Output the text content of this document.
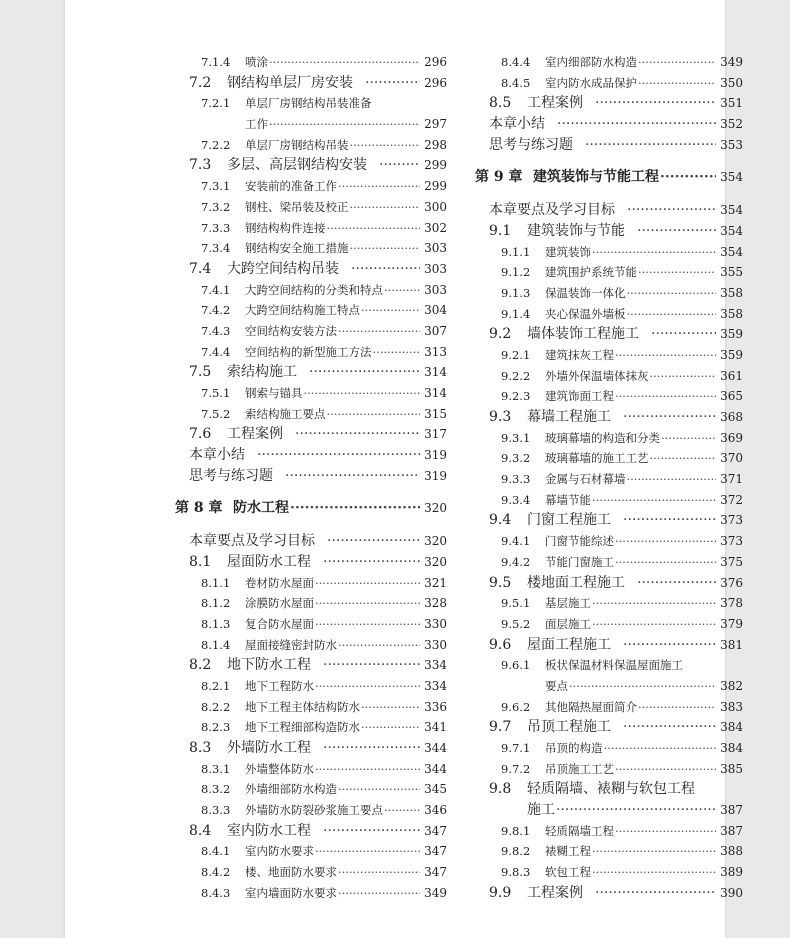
7.1.4	喷涂 ·····	296
7.2	钢结构单层厂房安装 ·····	296
7.2.1	单层厂房钢结构吊装准备
工作 ·····	297
7.2.2	单层厂房钢结构吊装 ·····	298
7.3	多层、高层钢结构安装 ·····	299
7.3.1	安装前的准备工作 ·····	299
7.3.2	钢柱、梁吊装及校正 ·····	300
7.3.3	钢结构构件连接 ·····	302
7.3.4	钢结构安全施工措施 ·····	303
7.4	大跨空间结构吊装 ·····	303
7.4.1	大跨空间结构的分类和特点 ·····	303
7.4.2	大跨空间结构施工特点 ·····	304
7.4.3	空间结构安装方法 ·····	307
7.4.4	空间结构的新型施工方法 ·····	313
7.5	索结构施工 ·····	314
7.5.1	钢索与锚具 ·····	314
7.5.2	索结构施工要点 ·····	315
7.6	工程案例 ·····	317
本章小结 ·····	319
思考与练习题 ·····	319
第 8 章 防水工程 ·····	320
本章要点及学习目标 ·····	320
8.1	屋面防水工程 ·····	320
8.1.1	卷材防水屋面 ·····	321
8.1.2	涂膜防水屋面 ·····	328
8.1.3	复合防水屋面 ·····	330
8.1.4	屋面接缝密封防水 ·····	330
8.2	地下防水工程 ·····	334
8.2.1	地下工程防水 ·····	334
8.2.2	地下工程主体结构防水 ·····	336
8.2.3	地下工程细部构造防水 ·····	341
8.3	外墙防水工程 ·····	344
8.3.1	外墙整体防水 ·····	344
8.3.2	外墙细部防水构造 ·····	345
8.3.3	外墙防水防裂砂浆施工要点 ·····	346
8.4	室内防水工程 ·····	347
8.4.1	室内防水要求 ·····	347
8.4.2	楼、地面防水要求 ·····	347
8.4.3	室内墙面防水要求 ·····	349
8.4.4	室内细部防水构造 ·····	349
8.4.5	室内防水成品保护 ·····	350
8.5	工程案例 ·····	351
本章小结 ·····	352
思考与练习题 ·····	353
第 9 章 建筑装饰与节能工程 ·····	354
本章要点及学习目标 ·····	354
9.1	建筑装饰与节能 ·····	354
9.1.1	建筑装饰 ·····	354
9.1.2	建筑围护系统节能 ·····	355
9.1.3	保温装饰一体化 ·····	358
9.1.4	夹心保温外墙板 ·····	358
9.2	墙体装饰工程施工 ·····	359
9.2.1	建筑抹灰工程 ·····	359
9.2.2	外墙外保温墙体抹灰 ·····	361
9.2.3	建筑饰面工程 ·····	365
9.3	幕墙工程施工 ·····	368
9.3.1	玻璃幕墙的构造和分类 ·····	369
9.3.2	玻璃幕墙的施工工艺 ·····	370
9.3.3	金属与石材幕墙 ·····	371
9.3.4	幕墙节能 ·····	372
9.4	门窗工程施工 ·····	373
9.4.1	门窗节能综述 ·····	373
9.4.2	节能门窗施工 ·····	375
9.5	楼地面工程施工 ·····	376
9.5.1	基层施工 ·····	378
9.5.2	面层施工 ·····	379
9.6	屋面工程施工 ·····	381
9.6.1	板状保温材料保温屋面施工
要点 ·····	382
9.6.2	其他隔热屋面简介 ·····	383
9.7	吊顶工程施工 ·····	384
9.7.1	吊顶的构造 ·····	384
9.7.2	吊顶施工工艺 ·····	385
9.8	轻质隔墙、裱糊与软包工程
施工 ·····	387
9.8.1	轻质隔墙工程 ·····	387
9.8.2	裱糊工程 ·····	388
9.8.3	软包工程 ·····	389
9.9	工程案例 ·····	390
